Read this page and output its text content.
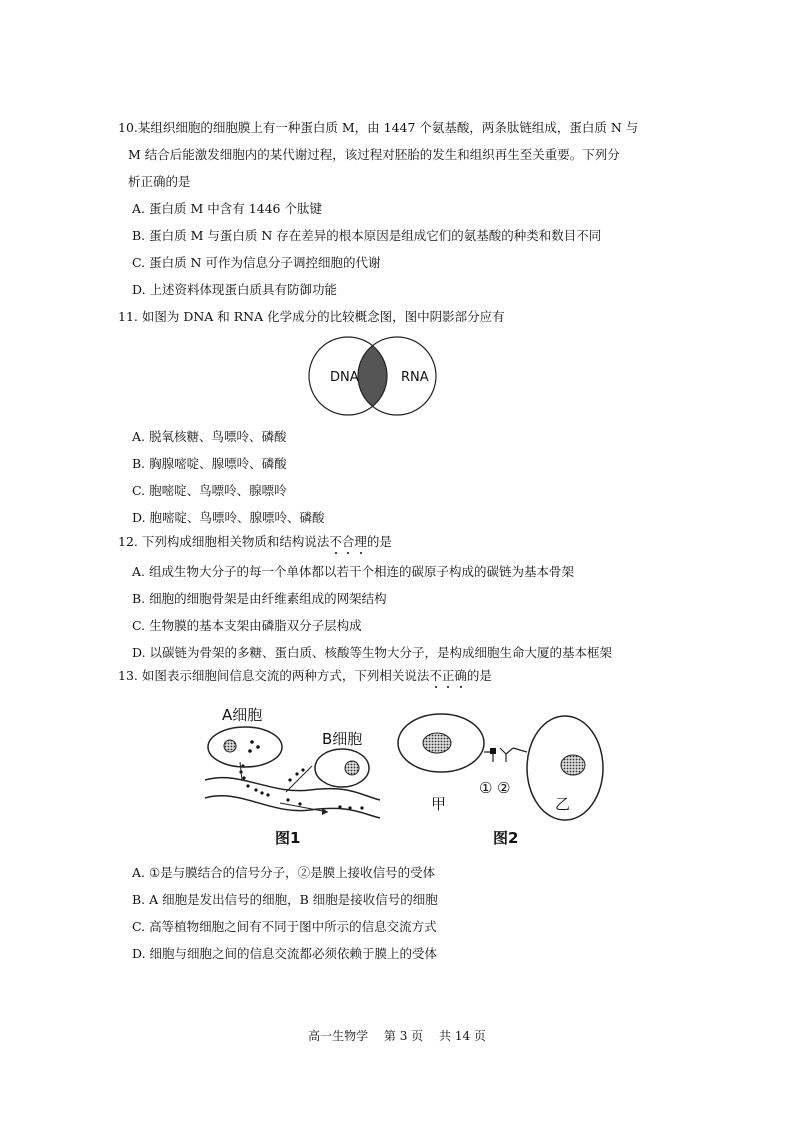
10.某组织细胞的细胞膜上有一种蛋白质 M，由 1447 个氨基酸，两条肽链组成，蛋白质 N 与
M 结合后能激发细胞内的某代谢过程，该过程对胚胎的发生和组织再生至关重要。下列分
析正确的是
A. 蛋白质 M 中含有 1446 个肽键
B. 蛋白质 M 与蛋白质 N 存在差异的根本原因是组成它们的氨基酸的种类和数目不同
C. 蛋白质 N 可作为信息分子调控细胞的代谢
D. 上述资料体现蛋白质具有防御功能
11. 如图为 DNA 和 RNA 化学成分的比较概念图，图中阴影部分应有
DNA	RNA
A. 脱氧核糖、鸟嘌呤、磷酸
B. 胸腺嘧啶、腺嘌呤、磷酸
C. 胞嘧啶、鸟嘌呤、腺嘌呤
D. 胞嘧啶、鸟嘌呤、腺嘌呤、磷酸
12. 下列构成细胞相关物质和结构说法不合理的是
A. 组成生物大分子的每一个单体都以若干个相连的碳原子构成的碳链为基本骨架
B. 细胞的细胞骨架是由纤维素组成的网架结构
C. 生物膜的基本支架由磷脂双分子层构成
D. 以碳链为骨架的多糖、蛋白质、核酸等生物大分子，是构成细胞生命大厦的基本框架
13. 如图表示细胞间信息交流的两种方式，下列相关说法不正确的是
A细胞
B细胞
图1
① ②
甲	乙
图2
A. ①是与膜结合的信号分子，②是膜上接收信号的受体
B. A 细胞是发出信号的细胞，B 细胞是接收信号的细胞
C. 高等植物细胞之间有不同于图中所示的信息交流方式
D. 细胞与细胞之间的信息交流都必须依赖于膜上的受体
高一生物学 第 3 页 共 14 页
